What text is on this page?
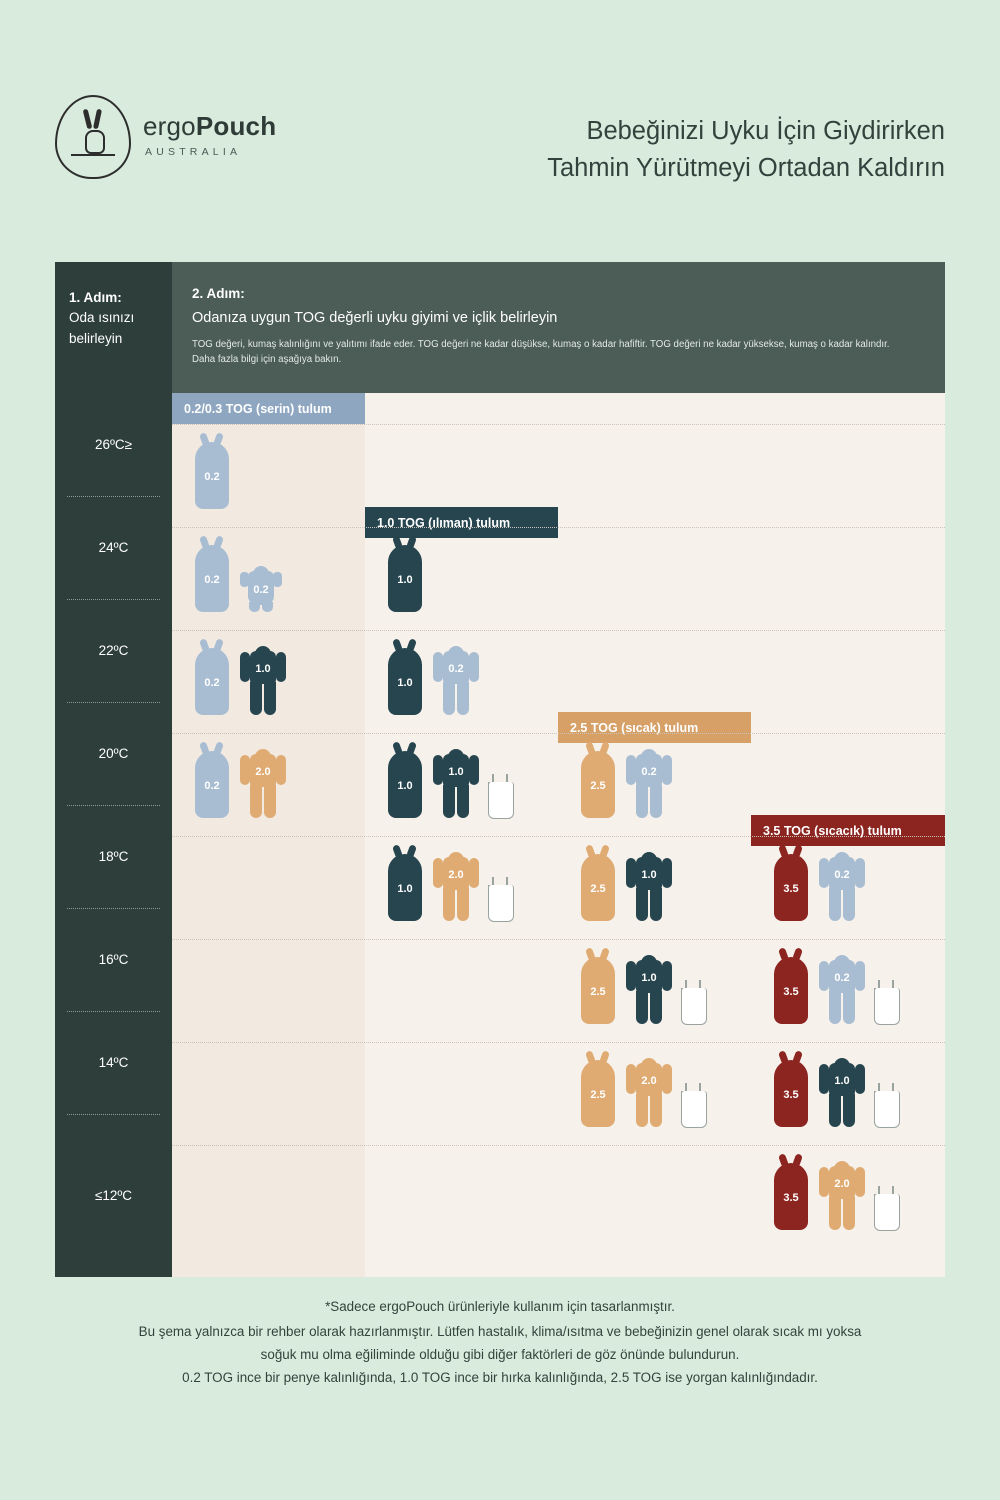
ergoPouch
AUSTRALIA
Bebeğinizi Uyku İçin Giydirirken
Tahmin Yürütmeyi Ortadan Kaldırın
1. Adım:
Oda ısınızı
belirleyin
2. Adım:
Odanıza uygun TOG değerli uyku giyimi ve içlik belirleyin
TOG değeri, kumaş kalınlığını ve yalıtımı ifade eder. TOG değeri ne kadar düşükse, kumaş o kadar hafiftir. TOG değeri ne kadar yüksekse, kumaş o kadar kalındır. Daha fazla bilgi için aşağıya bakın.
0.2/0.3 TOG (serin) tulum
1.0 TOG (ılıman) tulum
2.5 TOG (sıcak) tulum
3.5 TOG (sıcacık) tulum
0.2
0.2
0.2
1.0
0.2
1.0
1.0
0.2
0.2
2.0
1.0
1.0
2.5
0.2
1.0
2.0
2.5
1.0
3.5
0.2
2.5
1.0
3.5
0.2
2.5
2.0
3.5
1.0
3.5
2.0
26ºC≥
24ºC
22ºC
20ºC
18ºC
16ºC
14ºC
≤12ºC
*Sadece ergoPouch ürünleriyle kullanım için tasarlanmıştır.
Bu şema yalnızca bir rehber olarak hazırlanmıştır. Lütfen hastalık, klima/ısıtma ve bebeğinizin genel olarak sıcak mı yoksa
soğuk mu olma eğiliminde olduğu gibi diğer faktörleri de göz önünde bulundurun.
0.2 TOG ince bir penye kalınlığında, 1.0 TOG ince bir hırka kalınlığında, 2.5 TOG ise yorgan kalınlığındadır.
